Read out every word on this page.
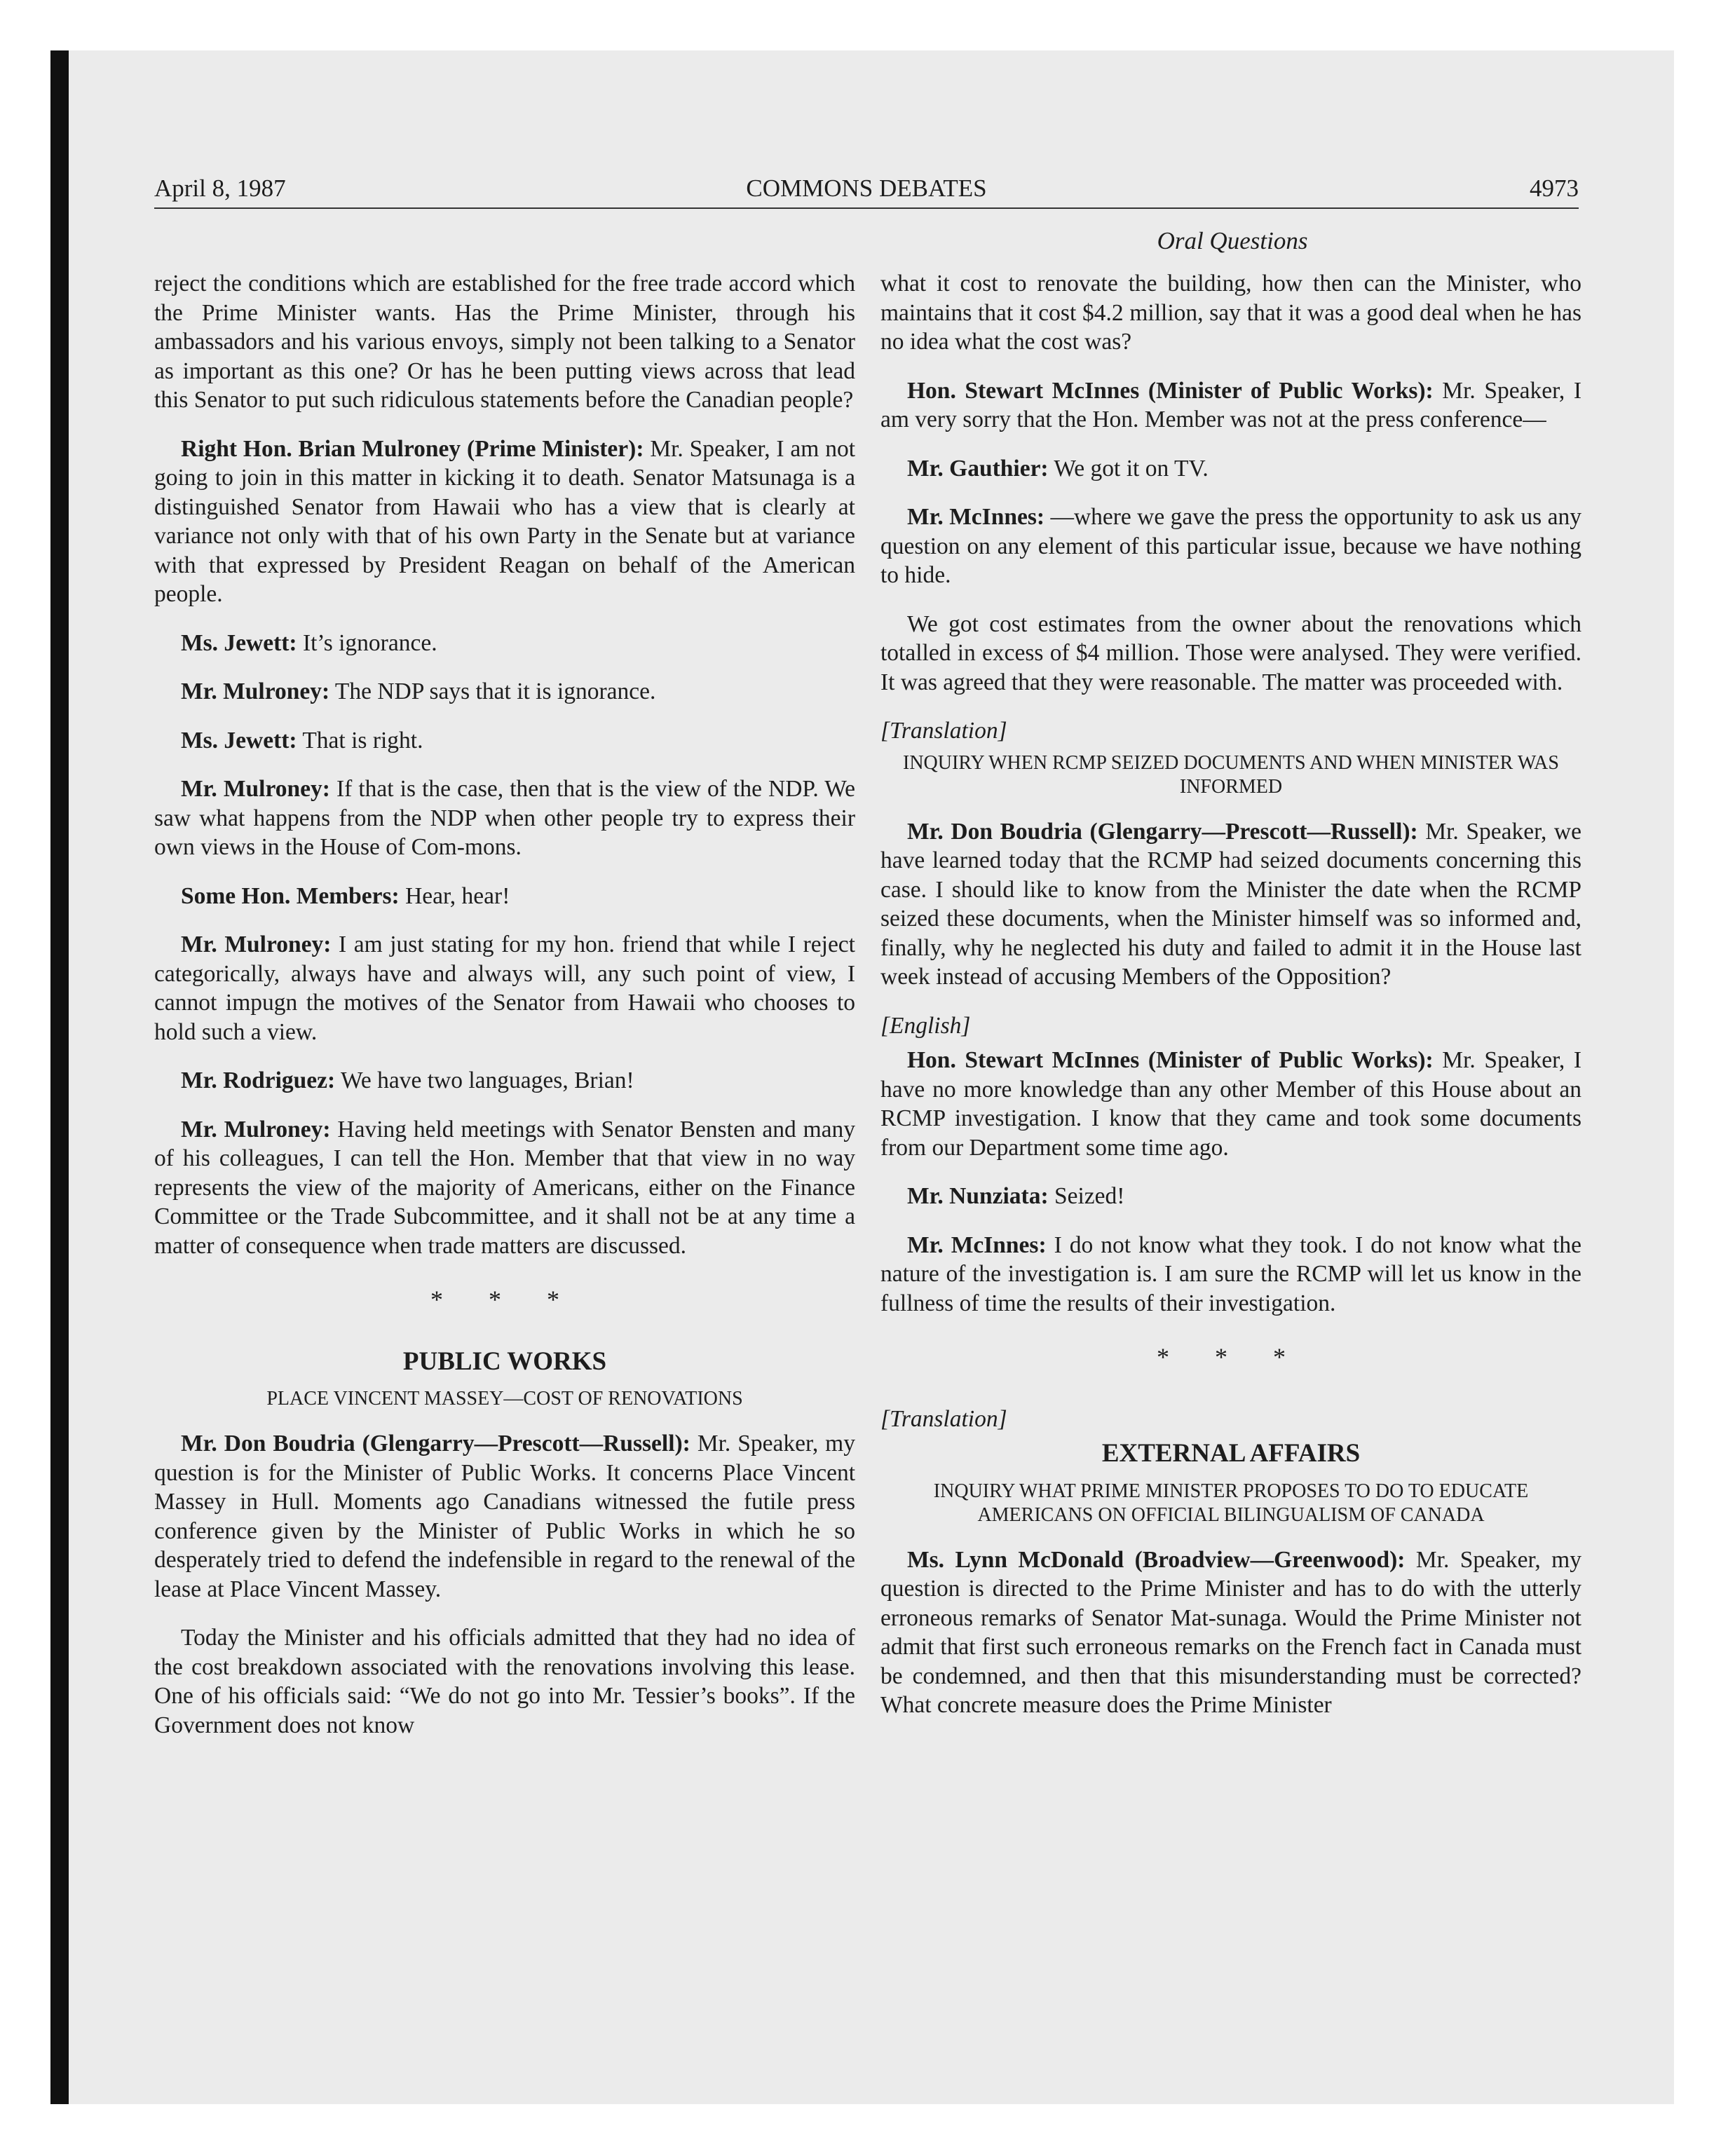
April 8, 1987	COMMONS DEBATES	4973
Oral Questions

reject the conditions which are established for the free trade accord which the Prime Minister wants. Has the Prime Minister, through his ambassadors and his various envoys, simply not been talking to a Senator as important as this one? Or has he been putting views across that lead this Senator to put such ridiculous statements before the Canadian people?

Right Hon. Brian Mulroney (Prime Minister): Mr. Speaker, I am not going to join in this matter in kicking it to death. Senator Matsunaga is a distinguished Senator from Hawaii who has a view that is clearly at variance not only with that of his own Party in the Senate but at variance with that expressed by President Reagan on behalf of the American people.

Ms. Jewett: It’s ignorance.

Mr. Mulroney: The NDP says that it is ignorance.

Ms. Jewett: That is right.

Mr. Mulroney: If that is the case, then that is the view of the NDP. We saw what happens from the NDP when other people try to express their own views in the House of Com-mons.

Some Hon. Members: Hear, hear!

Mr. Mulroney: I am just stating for my hon. friend that while I reject categorically, always have and always will, any such point of view, I cannot impugn the motives of the Senator from Hawaii who chooses to hold such a view.

Mr. Rodriguez: We have two languages, Brian!

Mr. Mulroney: Having held meetings with Senator Bensten and many of his colleagues, I can tell the Hon. Member that that view in no way represents the view of the majority of Americans, either on the Finance Committee or the Trade Subcommittee, and it shall not be at any time a matter of consequence when trade matters are discussed.

* * *
PUBLIC WORKS
PLACE VINCENT MASSEY—COST OF RENOVATIONS

Mr. Don Boudria (Glengarry—Prescott—Russell): Mr. Speaker, my question is for the Minister of Public Works. It concerns Place Vincent Massey in Hull. Moments ago Canadians witnessed the futile press conference given by the Minister of Public Works in which he so desperately tried to defend the indefensible in regard to the renewal of the lease at Place Vincent Massey.

Today the Minister and his officials admitted that they had no idea of the cost breakdown associated with the renovations involving this lease. One of his officials said: “We do not go into Mr. Tessier’s books”. If the Government does not know

what it cost to renovate the building, how then can the Minister, who maintains that it cost $4.2 million, say that it was a good deal when he has no idea what the cost was?

Hon. Stewart McInnes (Minister of Public Works): Mr. Speaker, I am very sorry that the Hon. Member was not at the press conference—

Mr. Gauthier: We got it on TV.

Mr. McInnes: —where we gave the press the opportunity to ask us any question on any element of this particular issue, because we have nothing to hide.

We got cost estimates from the owner about the renovations which totalled in excess of $4 million. Those were analysed. They were verified. It was agreed that they were reasonable. The matter was proceeded with.

[Translation]

INQUIRY WHEN RCMP SEIZED DOCUMENTS AND WHEN MINISTER WAS INFORMED

Mr. Don Boudria (Glengarry—Prescott—Russell): Mr. Speaker, we have learned today that the RCMP had seized documents concerning this case. I should like to know from the Minister the date when the RCMP seized these documents, when the Minister himself was so informed and, finally, why he neglected his duty and failed to admit it in the House last week instead of accusing Members of the Opposition?

[English]

Hon. Stewart McInnes (Minister of Public Works): Mr. Speaker, I have no more knowledge than any other Member of this House about an RCMP investigation. I know that they came and took some documents from our Department some time ago.

Mr. Nunziata: Seized!

Mr. McInnes: I do not know what they took. I do not know what the nature of the investigation is. I am sure the RCMP will let us know in the fullness of time the results of their investigation.

* * *

[Translation]

EXTERNAL AFFAIRS
INQUIRY WHAT PRIME MINISTER PROPOSES TO DO TO EDUCATE AMERICANS ON OFFICIAL BILINGUALISM OF CANADA

Ms. Lynn McDonald (Broadview—Greenwood): Mr. Speaker, my question is directed to the Prime Minister and has to do with the utterly erroneous remarks of Senator Mat-sunaga. Would the Prime Minister not admit that first such erroneous remarks on the French fact in Canada must be condemned, and then that this misunderstanding must be corrected? What concrete measure does the Prime Minister
